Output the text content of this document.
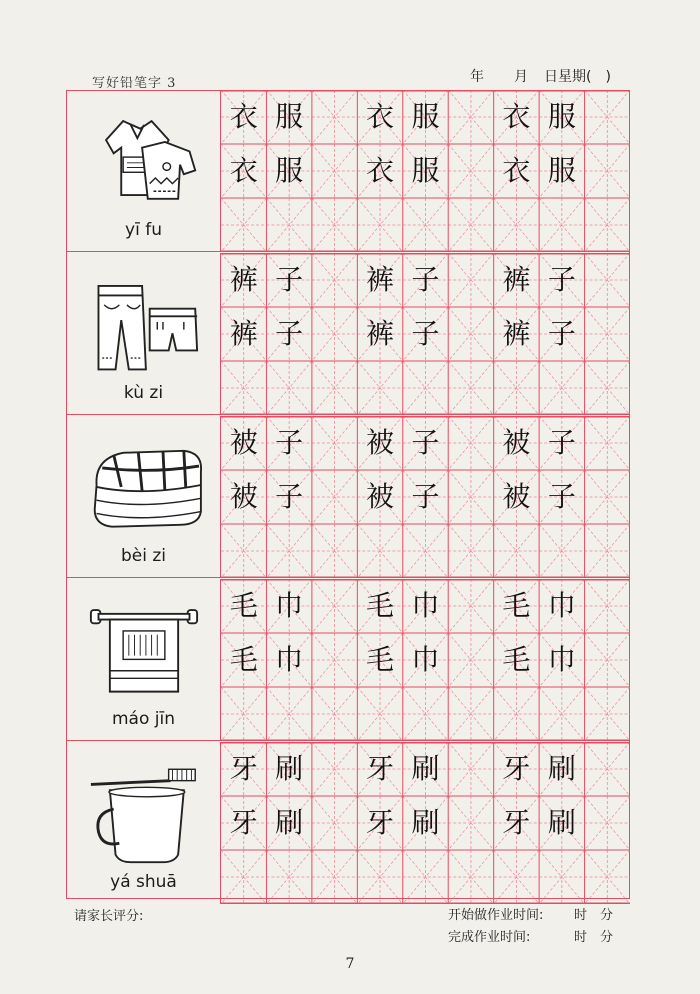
写好铅笔字 3	年 月 日星期( )
yī fu
衣 服
衣 服
衣 服
衣 服
衣 服
衣 服
kù zi
裤 子
裤 子
裤 子
裤 子
裤 子
裤 子
bèi zi
被 子
被 子
被 子
被 子
被 子
被 子
máo jīn
毛 巾
毛 巾
毛 巾
毛 巾
毛 巾
毛 巾
yá shuā
牙 刷
牙 刷
牙 刷
牙 刷
牙 刷
牙 刷
请家长评分:	开始做作业时间: 时 分
完成作业时间:	时 分
7
